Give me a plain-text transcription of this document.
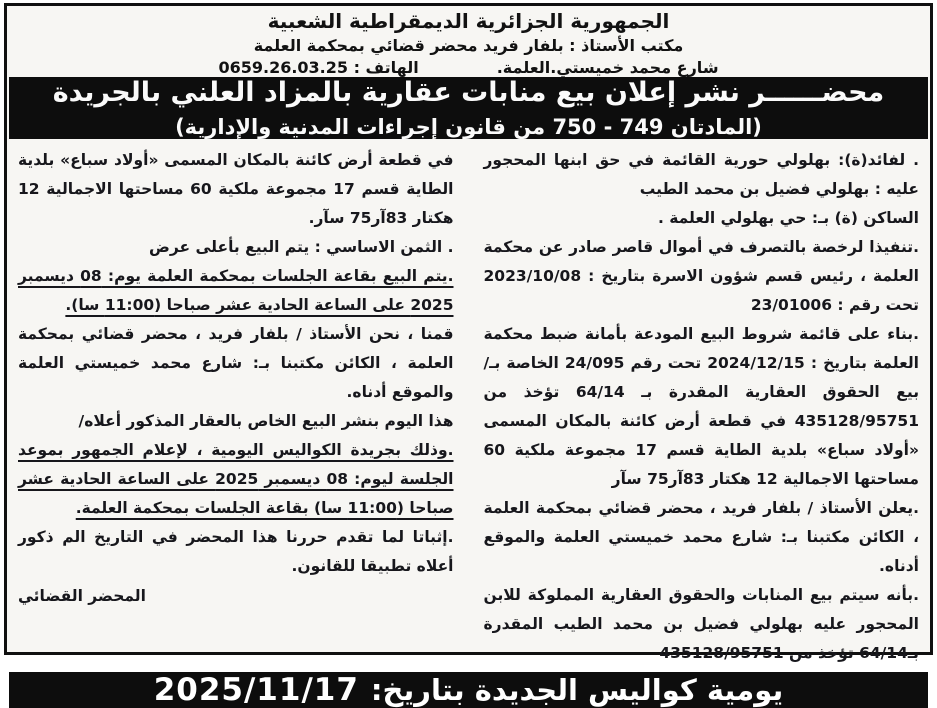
الجمهورية الجزائرية الديمقراطية الشعبية
مكتب الأستاذ : بلفار فريد محضر قضائي بمحكمة العلمة
شارع محمد خميستي.العلمة.
الهاتف : 0659.26.03.25
محضــــــر نشر إعلان بيع منابات عقارية بالمزاد العلني بالجريدة
(المادتان 749 - 750 من قانون إجراءات المدنية والإدارية)

. لفائد(ة): بهلولي حورية القائمة في حق ابنها المحجور عليه : بهلولي فضيل بن محمد الطيب

الساكن (ة) بـ: حي بهلولي العلمة .

.تنفيذا لرخصة بالتصرف في أموال قاصر صادر عن محكمة العلمة ، رئيس قسم شؤون الاسرة بتاريخ : 2023/10/08 تحت رقم : 23/01006

.بناء على قائمة شروط البيع المودعة بأمانة ضبط محكمة العلمة بتاريخ : 2024/12/15 تحت رقم 24/095 الخاصة بـ/بيع الحقوق العقارية المقدرة بـ 64/14 تؤخذ من 435128/95751 في قطعة أرض كائنة بالمكان المسمى «أولاد سباع» بلدية الطاية قسم 17 مجموعة ملكية 60 مساحتها الاجمالية 12 هكتار 83آر75 سآر

.يعلن الأستاذ / بلفار فريد ، محضر قضائي بمحكمة العلمة ، الكائن مكتبنا بـ: شارع محمد خميستي العلمة والموقع أدناه.

.بأنه سيتم بيع المنابات والحقوق العقارية المملوكة للابن المحجور عليه بهلولي فضيل بن محمد الطيب المقدرة بـ64/14 تؤخذ من 435128/95751

في قطعة أرض كائنة بالمكان المسمى «أولاد سباع» بلدية الطاية قسم 17 مجموعة ملكية 60 مساحتها الاجمالية 12 هكتار 83آر75 سآر.

. الثمن الاساسي : يتم البيع بأعلى عرض

.يتم البيع بقاعة الجلسات بمحكمة العلمة يوم: 08 ديسمبر 2025 على الساعة الحادية عشر صباحا (11:00 سا).

قمنا ، نحن الأستاذ / بلفار فريد ، محضر قضائي بمحكمة العلمة ، الكائن مكتبنا بـ: شارع محمد خميستي العلمة والموقع أدناه.

هذا اليوم بنشر البيع الخاص بالعقار المذكور أعلاه/

.وذلك بجريدة الكواليس اليومية ، لإعلام الجمهور بموعد الجلسة ليوم: 08 ديسمبر 2025 على الساعة الحادية عشر صباحا (11:00 سا) بقاعة الجلسات بمحكمة العلمة.

.إثباتا لما تقدم حررنا هذا المحضر في التاريخ الم ذكور أعلاه تطبيقا للقانون.

المحضر القضائي
يومية كواليس الجديدة بتاريخ:
2025/11/17
